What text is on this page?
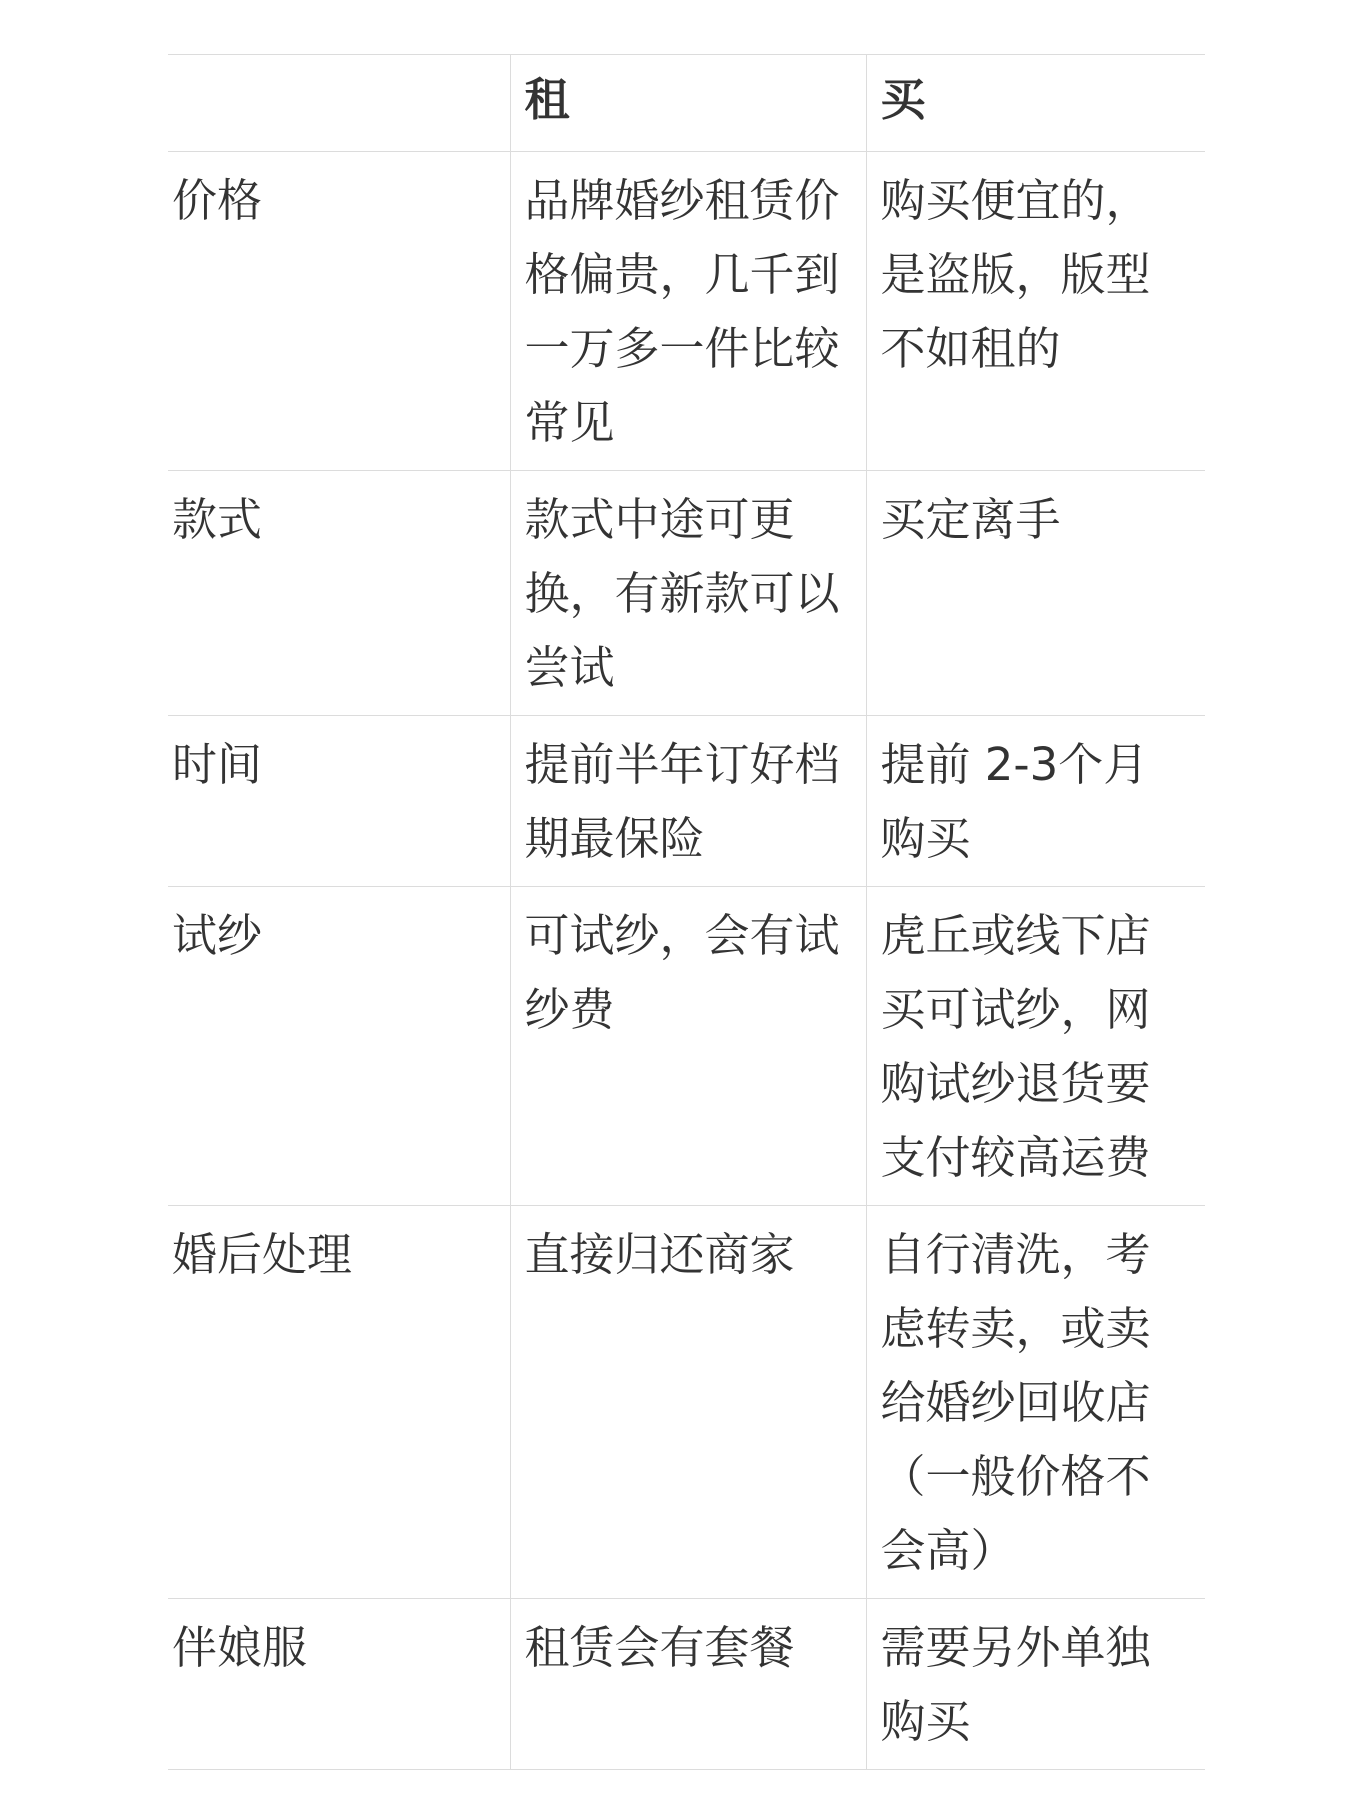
	租	买
价格	品牌婚纱租赁价格偏贵，几千到一万多一件比较常见	购买便宜的，是盗版，版型不如租的
款式	款式中途可更换，有新款可以尝试	买定离手
时间	提前半年订好档期最保险	提前 2-3个月购买
试纱	可试纱，会有试纱费	虎丘或线下店买可试纱，网购试纱退货要支付较高运费
婚后处理	直接归还商家	自行清洗，考虑转卖，或卖给婚纱回收店（一般价格不会高）
伴娘服	租赁会有套餐	需要另外单独购买
